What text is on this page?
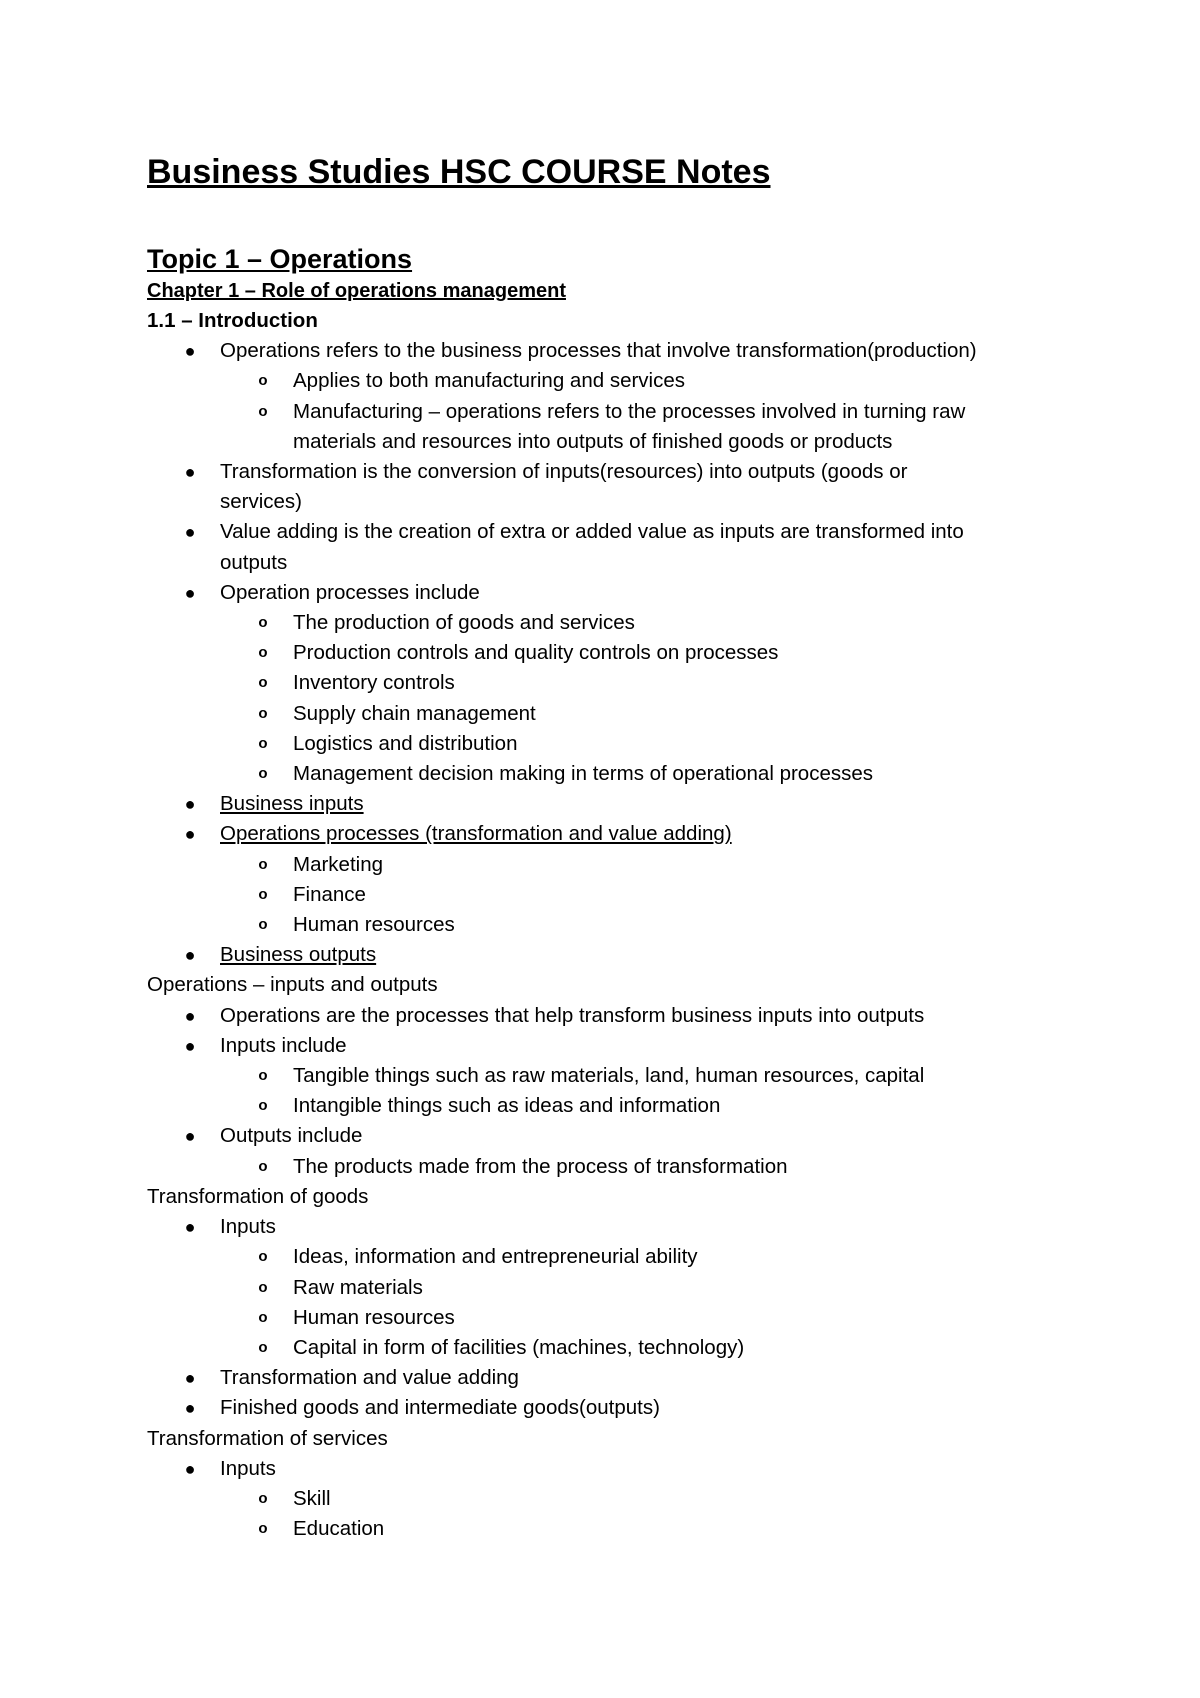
Business Studies HSC COURSE Notes
Topic 1 – Operations
Chapter 1 – Role of operations management
1.1 – Introduction
● Operations refers to the business processes that involve transformation(production)
o Applies to both manufacturing and services
o Manufacturing – operations refers to the processes involved in turning raw
materials and resources into outputs of finished goods or products
● Transformation is the conversion of inputs(resources) into outputs (goods or
services)
● Value adding is the creation of extra or added value as inputs are transformed into
outputs
● Operation processes include
o The production of goods and services
o Production controls and quality controls on processes
o Inventory controls
o Supply chain management
o Logistics and distribution
o Management decision making in terms of operational processes
● Business inputs
● Operations processes (transformation and value adding)
o Marketing
o Finance
o Human resources
● Business outputs
Operations – inputs and outputs
● Operations are the processes that help transform business inputs into outputs
● Inputs include
o Tangible things such as raw materials, land, human resources, capital
o Intangible things such as ideas and information
● Outputs include
o The products made from the process of transformation
Transformation of goods
● Inputs
o Ideas, information and entrepreneurial ability
o Raw materials
o Human resources
o Capital in form of facilities (machines, technology)
● Transformation and value adding
● Finished goods and intermediate goods(outputs)
Transformation of services
● Inputs
o Skill
o Education
